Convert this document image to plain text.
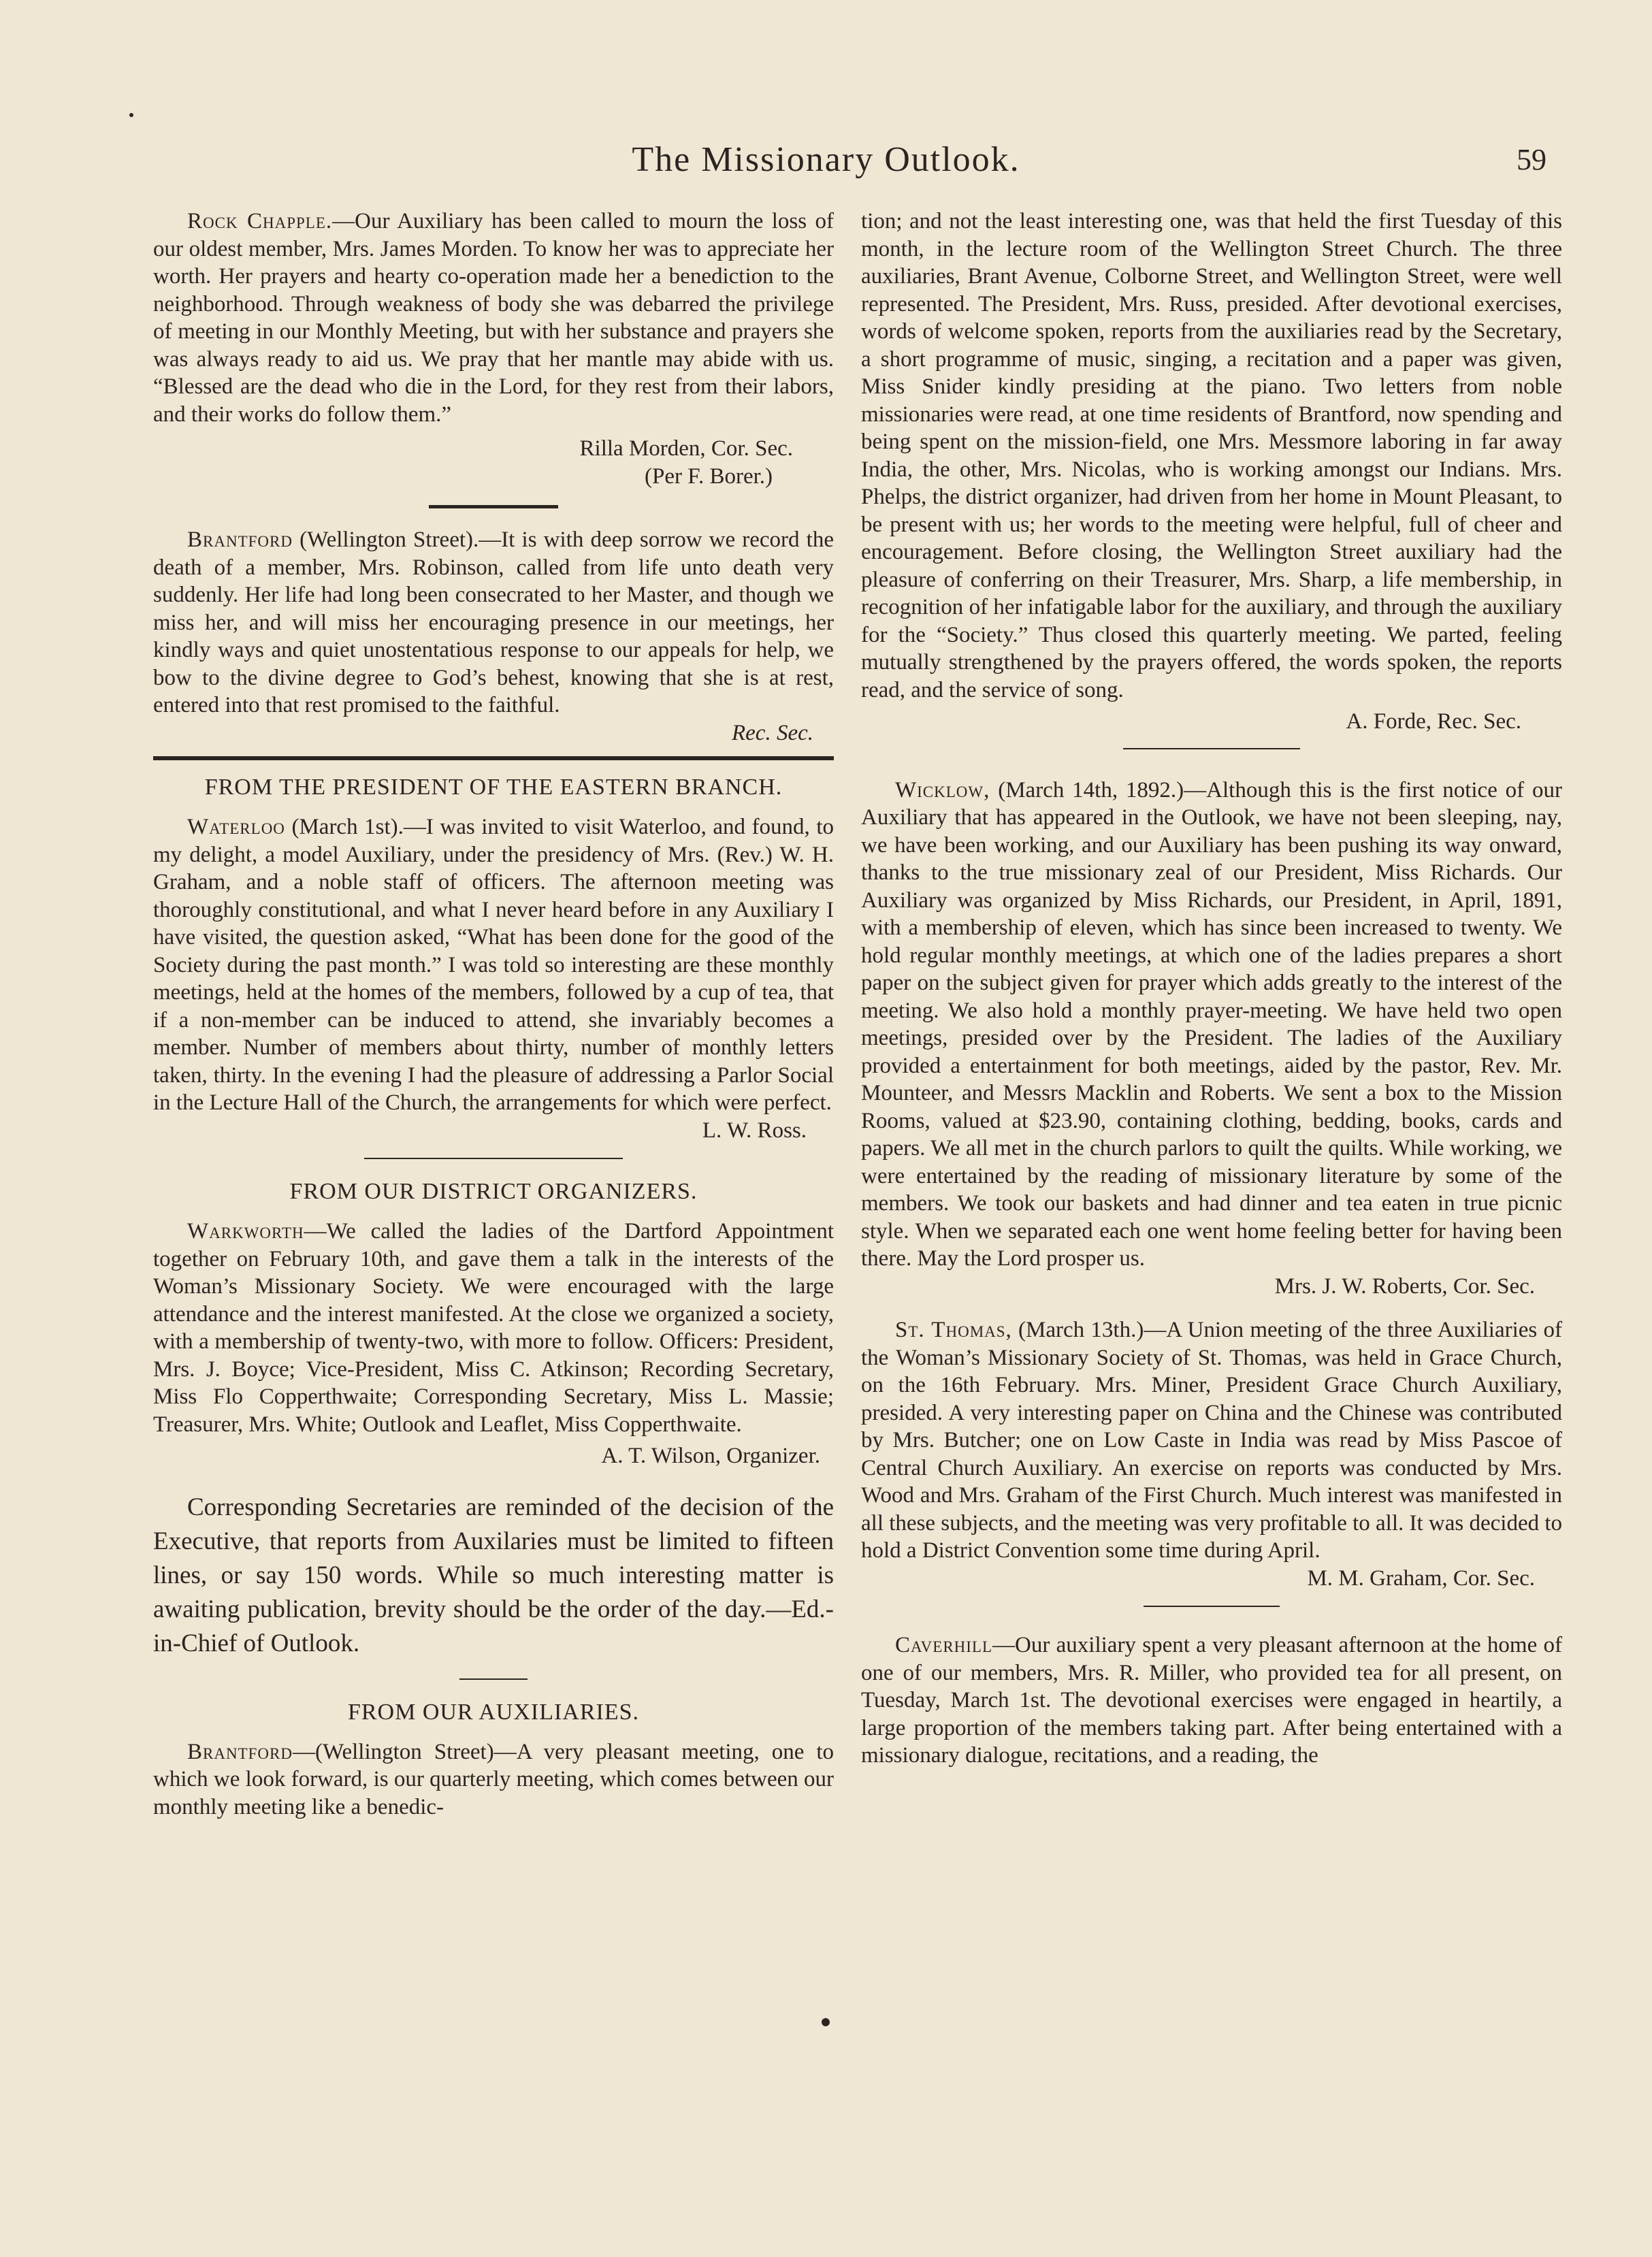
The Missionary Outlook.	59

Rock Chapple.—Our Auxiliary has been called to mourn the loss of our oldest member, Mrs. James Morden. To know her was to appreciate her worth. Her prayers and hearty co-operation made her a benediction to the neighborhood. Through weakness of body she was debarred the privilege of meeting in our Monthly Meeting, but with her substance and prayers she was always ready to aid us. We pray that her mantle may abide with us. “Blessed are the dead who die in the Lord, for they rest from their labors, and their works do follow them.”

Rilla Morden, Cor. Sec.

(Per F. Borer.)

Brantford (Wellington Street).—It is with deep sorrow we record the death of a member, Mrs. Robinson, called from life unto death very suddenly. Her life had long been consecrated to her Master, and though we miss her, and will miss her encouraging presence in our meetings, her kindly ways and quiet unostentatious response to our appeals for help, we bow to the divine degree to God’s behest, knowing that she is at rest, entered into that rest promised to the faithful.

Rec. Sec.

FROM THE PRESIDENT OF THE EASTERN BRANCH.

Waterloo (March 1st).—I was invited to visit Waterloo, and found, to my delight, a model Auxiliary, under the presidency of Mrs. (Rev.) W. H. Graham, and a noble staff of officers. The afternoon meeting was thoroughly constitutional, and what I never heard before in any Auxiliary I have visited, the question asked, “What has been done for the good of the Society during the past month.” I was told so interesting are these monthly meetings, held at the homes of the members, followed by a cup of tea, that if a non-member can be induced to attend, she invariably becomes a member. Number of members about thirty, number of monthly letters taken, thirty. In the evening I had the pleasure of addressing a Parlor Social in the Lecture Hall of the Church, the arrangements for which were perfect.

L. W. Ross.

FROM OUR DISTRICT ORGANIZERS.

Warkworth—We called the ladies of the Dartford Appointment together on February 10th, and gave them a talk in the interests of the Woman’s Missionary Society. We were encouraged with the large attendance and the interest manifested. At the close we organized a society, with a membership of twenty-two, with more to follow. Officers: President, Mrs. J. Boyce; Vice-President, Miss C. Atkinson; Recording Secretary, Miss Flo Copperthwaite; Corresponding Secretary, Miss L. Massie; Treasurer, Mrs. White; Outlook and Leaflet, Miss Copperthwaite.

A. T. Wilson, Organizer.

Corresponding Secretaries are reminded of the decision of the Executive, that reports from Auxilaries must be limited to fifteen lines, or say 150 words. While so much interesting matter is awaiting publication, brevity should be the order of the day.—Ed.-in-Chief of Outlook.

FROM OUR AUXILIARIES.

Brantford—(Wellington Street)—A very pleasant meeting, one to which we look forward, is our quarterly meeting, which comes between our monthly meeting like a benedic-

tion; and not the least interesting one, was that held the first Tuesday of this month, in the lecture room of the Wellington Street Church. The three auxiliaries, Brant Avenue, Colborne Street, and Wellington Street, were well represented. The President, Mrs. Russ, presided. After devotional exercises, words of welcome spoken, reports from the auxiliaries read by the Secretary, a short programme of music, singing, a recitation and a paper was given, Miss Snider kindly presiding at the piano. Two letters from noble missionaries were read, at one time residents of Brantford, now spending and being spent on the mission-field, one Mrs. Messmore laboring in far away India, the other, Mrs. Nicolas, who is working amongst our Indians. Mrs. Phelps, the district organizer, had driven from her home in Mount Pleasant, to be present with us; her words to the meeting were helpful, full of cheer and encouragement. Before closing, the Wellington Street auxiliary had the pleasure of conferring on their Treasurer, Mrs. Sharp, a life membership, in recognition of her infatigable labor for the auxiliary, and through the auxiliary for the “Society.” Thus closed this quarterly meeting. We parted, feeling mutually strengthened by the prayers offered, the words spoken, the reports read, and the service of song.

A. Forde, Rec. Sec.

Wicklow, (March 14th, 1892.)—Although this is the first notice of our Auxiliary that has appeared in the Outlook, we have not been sleeping, nay, we have been working, and our Auxiliary has been pushing its way onward, thanks to the true missionary zeal of our President, Miss Richards. Our Auxiliary was organized by Miss Richards, our President, in April, 1891, with a membership of eleven, which has since been increased to twenty. We hold regular monthly meetings, at which one of the ladies prepares a short paper on the subject given for prayer which adds greatly to the interest of the meeting. We also hold a monthly prayer-meeting. We have held two open meetings, presided over by the President. The ladies of the Auxiliary provided a entertainment for both meetings, aided by the pastor, Rev. Mr. Mounteer, and Messrs Macklin and Roberts. We sent a box to the Mission Rooms, valued at $23.90, containing clothing, bedding, books, cards and papers. We all met in the church parlors to quilt the quilts. While working, we were entertained by the reading of missionary literature by some of the members. We took our baskets and had dinner and tea eaten in true picnic style. When we separated each one went home feeling better for having been there. May the Lord prosper us.

Mrs. J. W. Roberts, Cor. Sec.

St. Thomas, (March 13th.)—A Union meeting of the three Auxiliaries of the Woman’s Missionary Society of St. Thomas, was held in Grace Church, on the 16th February. Mrs. Miner, President Grace Church Auxiliary, presided. A very interesting paper on China and the Chinese was contributed by Mrs. Butcher; one on Low Caste in India was read by Miss Pascoe of Central Church Auxiliary. An exercise on reports was conducted by Mrs. Wood and Mrs. Graham of the First Church. Much interest was manifested in all these subjects, and the meeting was very profitable to all. It was decided to hold a District Convention some time during April.

M. M. Graham, Cor. Sec.

Caverhill—Our auxiliary spent a very pleasant afternoon at the home of one of our members, Mrs. R. Miller, who provided tea for all present, on Tuesday, March 1st. The devotional exercises were engaged in heartily, a large proportion of the members taking part. After being entertained with a missionary dialogue, recitations, and a reading, the
